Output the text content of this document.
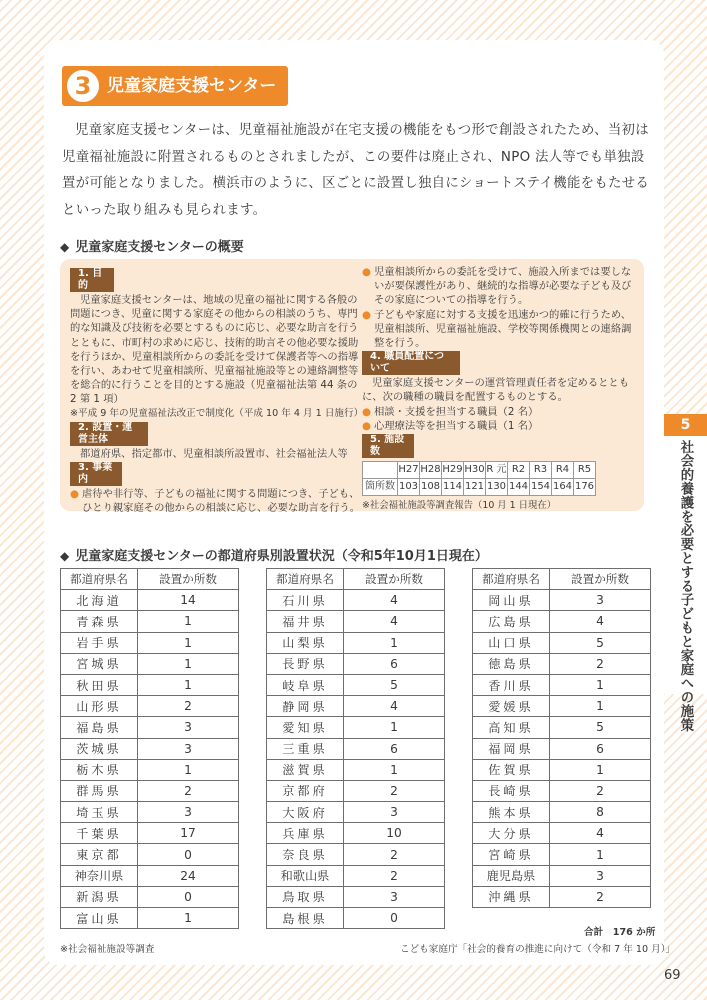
3 児童家庭支援センター

児童家庭支援センターは、児童福祉施設が在宅支援の機能をもつ形で創設されたため、当初は児童福祉施設に附置されるものとされましたが、この要件は廃止され、NPO 法人等でも単独設置が可能となりました。横浜市のように、区ごとに設置し独自にショートステイ機能をもたせるといった取り組みも見られます。

◆ 児童家庭支援センターの概要
1. 目的

児童家庭支援センターは、地域の児童の福祉に関する各般の問題につき、児童に関する家庭その他からの相談のうち、専門的な知識及び技術を必要とするものに応じ、必要な助言を行うとともに、市町村の求めに応じ、技術的助言その他必要な援助を行うほか、児童相談所からの委託を受けて保護者等への指導を行い、あわせて児童相談所、児童福祉施設等との連絡調整等を総合的に行うことを目的とする施設（児童福祉法第 44 条の 2 第 1 項）

※平成 9 年の児童福祉法改正で制度化（平成 10 年 4 月 1 日施行）

2. 設置・運営主体

都道府県、指定都市、児童相談所設置市、社会福祉法人等

3. 事業内

● 虐待や非行等、子どもの福祉に関する問題につき、子ども、ひとり親家庭その他からの相談に応じ、必要な助言を行う。

● 児童相談所からの委託を受けて、施設入所までは要しないが要保護性があり、継続的な指導が必要な子ども及びその家庭についての指導を行う。

● 子どもや家庭に対する支援を迅速かつ的確に行うため、児童相談所、児童福祉施設、学校等関係機関との連絡調整を行う。

4. 職員配置について

児童家庭支援センターの運営管理責任者を定めるとともに、次の職種の職員を配置するものとする。

● 相談・支援を担当する職員（2 名）

● 心理療法等を担当する職員（1 名）

5. 施設数
	H27	H28	H29	H30	R 元	R2	R3	R4	R5
箇所数	103	108	114	121	130	144	154	164	176

※社会福祉施設等調査報告（10 月 1 日現在）

◆ 児童家庭支援センターの都道府県別設置状況（令和5年10月1日現在）
都道府県名	設置か所数
北海道	14
青森県	1
岩手県	1
宮城県	1
秋田県	1
山形県	2
福島県	3
茨城県	3
栃木県	1
群馬県	2
埼玉県	3
千葉県	17
東京都	0
神奈川県	24
新潟県	0
富山県	1
都道府県名	設置か所数
石川県	4
福井県	4
山梨県	1
長野県	6
岐阜県	5
静岡県	4
愛知県	1
三重県	6
滋賀県	1
京都府	2
大阪府	3
兵庫県	10
奈良県	2
和歌山県	2
鳥取県	3
島根県	0
都道府県名	設置か所数
岡山県	3
広島県	4
山口県	5
徳島県	2
香川県	1
愛媛県	1
高知県	5
福岡県	6
佐賀県	1
長崎県	2
熊本県	8
大分県	4
宮崎県	1
鹿児島県	3
沖縄県	2
合計　176 か所
※社会福祉施設等調査	こども家庭庁「社会的養育の推進に向けて（令和 7 年 10 月）」
5
社会的養護を必要とする子どもと家庭への施策
69
